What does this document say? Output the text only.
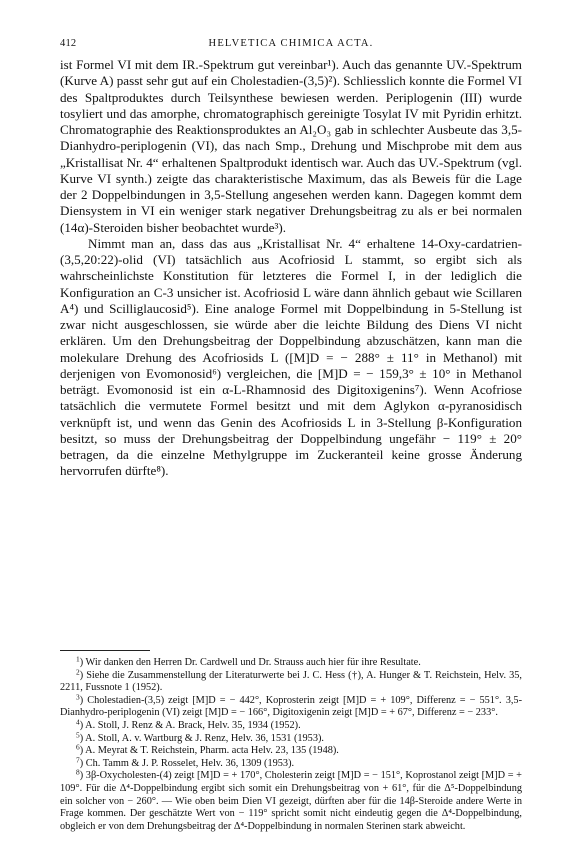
412	HELVETICA CHIMICA ACTA.

ist Formel VI mit dem IR.-Spektrum gut vereinbar¹). Auch das genannte UV.-Spektrum (Kurve A) passt sehr gut auf ein Cholestadien-(3,5)²). Schliesslich konnte die Formel VI des Spaltproduktes durch Teilsynthese bewiesen werden. Periplogenin (III) wurde tosyliert und das amorphe, chromatographisch gereinigte Tosylat IV mit Pyridin erhitzt. Chromatographie des Reaktionsproduktes an Al₂O₃ gab in schlechter Ausbeute das 3,5-Dianhydro-periplogenin (VI), das nach Smp., Drehung und Mischprobe mit dem aus „Kristallisat Nr. 4“ erhaltenen Spaltprodukt identisch war. Auch das UV.-Spektrum (vgl. Kurve VI synth.) zeigte das charakteristische Maximum, das als Beweis für die Lage der 2 Doppelbindungen in 3,5-Stellung angesehen werden kann. Dagegen kommt dem Diensystem in VI ein weniger stark negativer Drehungsbeitrag zu als er bei normalen (14α)-Steroiden bisher beobachtet wurde³).

Nimmt man an, dass das aus „Kristallisat Nr. 4“ erhaltene 14-Oxy-cardatrien-(3,5,20:22)-olid (VI) tatsächlich aus Acofriosid L stammt, so ergibt sich als wahrscheinlichste Konstitution für letzteres die Formel I, in der lediglich die Konfiguration an C-3 unsicher ist. Acofriosid L wäre dann ähnlich gebaut wie Scillaren A⁴) und Scilliglaucosid⁵). Eine analoge Formel mit Doppelbindung in 5-Stellung ist zwar nicht ausgeschlossen, sie würde aber die leichte Bildung des Diens VI nicht erklären. Um den Drehungsbeitrag der Doppelbindung abzuschätzen, kann man die molekulare Drehung des Acofriosids L ([M]D = − 288° ± 11° in Methanol) mit derjenigen von Evomonosid⁶) vergleichen, die [M]D = − 159,3° ± 10° in Methanol beträgt. Evomonosid ist ein α-L-Rhamnosid des Digitoxigenins⁷). Wenn Acofriose tatsächlich die vermutete Formel besitzt und mit dem Aglykon α-pyranosidisch verknüpft ist, und wenn das Genin des Acofriosids L in 3-Stellung β-Konfiguration besitzt, so muss der Drehungsbeitrag der Doppelbindung ungefähr − 119° ± 20° betragen, da die einzelne Methylgruppe im Zuckeranteil keine grosse Änderung hervorrufen dürfte⁸).

$^1$) Wir danken den Herren Dr. Cardwell und Dr. Strauss auch hier für ihre Resultate.

$^2$) Siehe die Zusammenstellung der Literaturwerte bei J. C. Hess (†), A. Hunger & T. Reichstein, Helv. 35, 2211, Fussnote 1 (1952).

$^3$) Cholestadien-(3,5) zeigt [M]D = − 442°, Koprosterin zeigt [M]D = + 109°, Differenz = − 551°. 3,5-Dianhydro-periplogenin (VI) zeigt [M]D = − 166°, Digitoxigenin zeigt [M]D = + 67°, Differenz = − 233°.

$^4$) A. Stoll, J. Renz & A. Brack, Helv. 35, 1934 (1952).

$^5$) A. Stoll, A. v. Wartburg & J. Renz, Helv. 36, 1531 (1953).

$^6$) A. Meyrat & T. Reichstein, Pharm. acta Helv. 23, 135 (1948).

$^7$) Ch. Tamm & J. P. Rosselet, Helv. 36, 1309 (1953).

$^8$) 3β-Oxycholesten-(4) zeigt [M]D = + 170°, Cholesterin zeigt [M]D = − 151°, Koprostanol zeigt [M]D = + 109°. Für die Δ⁴-Doppelbindung ergibt sich somit ein Drehungsbeitrag von + 61°, für die Δ⁵-Doppelbindung ein solcher von − 260°. — Wie oben beim Dien VI gezeigt, dürften aber für die 14β-Steroide andere Werte in Frage kommen. Der geschätzte Wert von − 119° spricht somit nicht eindeutig gegen die Δ⁴-Doppelbindung, obgleich er von dem Drehungsbeitrag der Δ⁴-Doppelbindung in normalen Sterinen stark abweicht.
